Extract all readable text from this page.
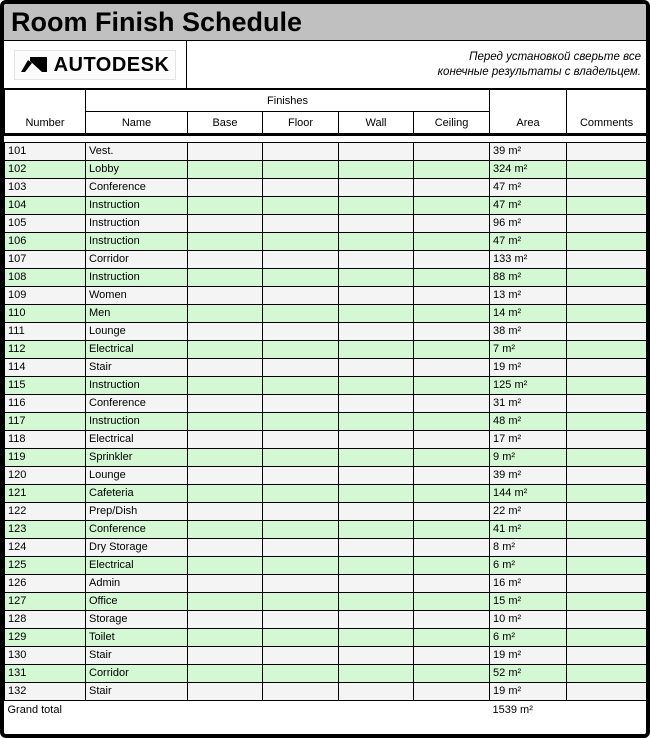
Room Finish Schedule
AUTODESK	Перед установкой сверьте все
конечные результаты с владельцем.
Number	Finishes					Area	Comments
	Name	Base	Floor	Wall	Ceiling		

101	Vest.					39 m²	
102	Lobby					324 m²	
103	Conference					47 m²	
104	Instruction					47 m²	
105	Instruction					96 m²	
106	Instruction					47 m²	
107	Corridor					133 m²	
108	Instruction					88 m²	
109	Women					13 m²	
110	Men					14 m²	
111	Lounge					38 m²	
112	Electrical					7 m²	
114	Stair					19 m²	
115	Instruction					125 m²	
116	Conference					31 m²	
117	Instruction					48 m²	
118	Electrical					17 m²	
119	Sprinkler					9 m²	
120	Lounge					39 m²	
121	Cafeteria					144 m²	
122	Prep/Dish					22 m²	
123	Conference					41 m²	
124	Dry Storage					8 m²	
125	Electrical					6 m²	
126	Admin					16 m²	
127	Office					15 m²	
128	Storage					10 m²	
129	Toilet					6 m²	
130	Stair					19 m²	
131	Corridor					52 m²	
132	Stair					19 m²	
Grand total						1539 m²	
